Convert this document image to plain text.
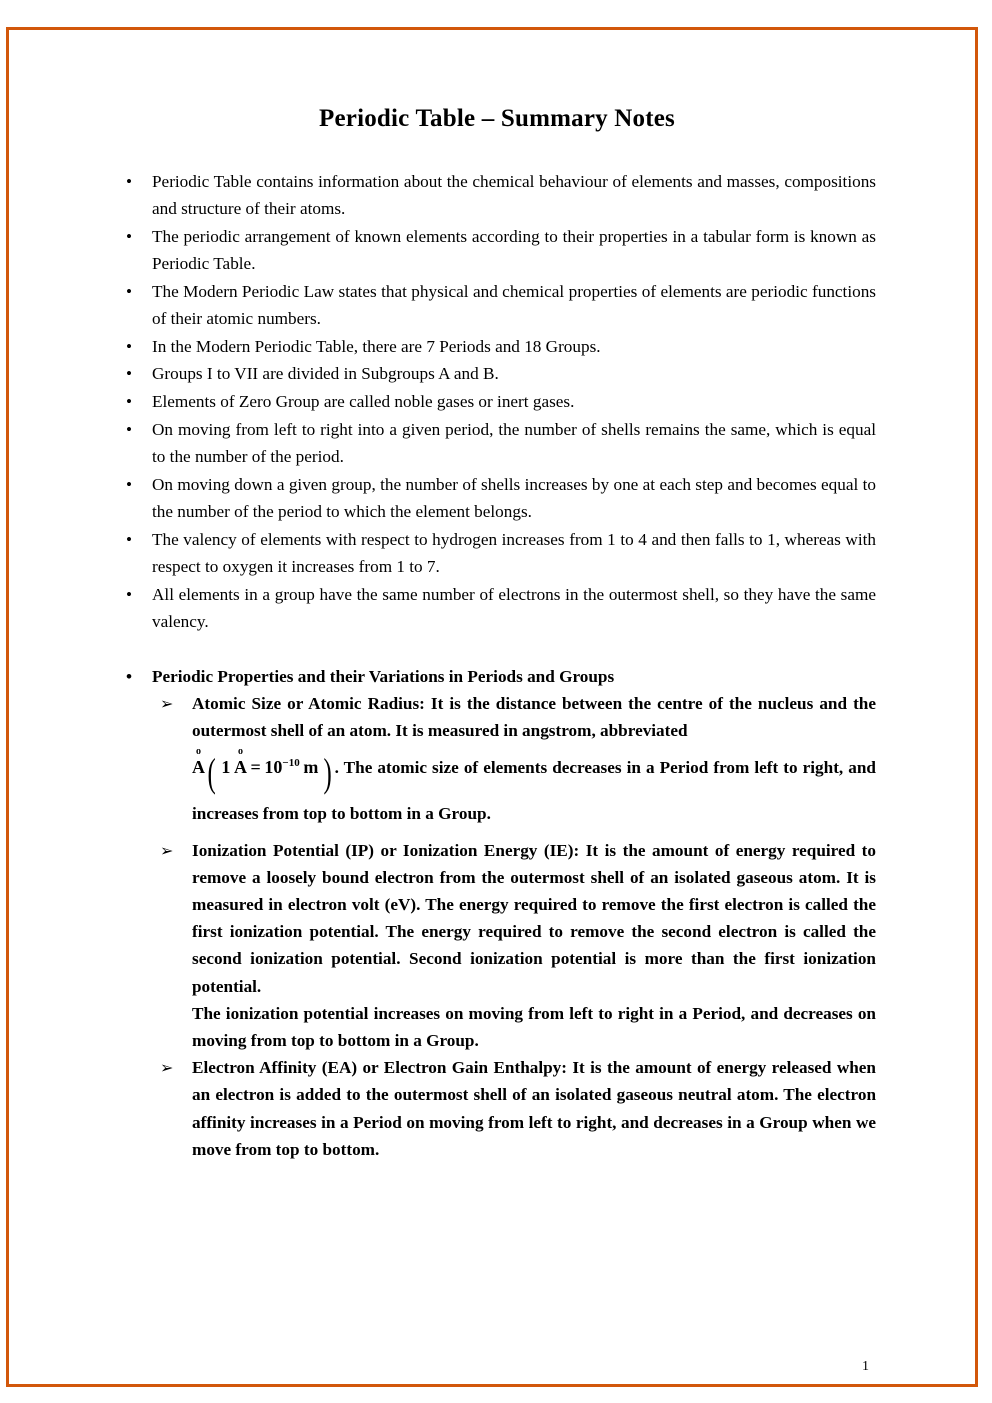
Periodic Table – Summary Notes
• Periodic Table contains information about the chemical behaviour of elements and masses, compositions and structure of their atoms.
• The periodic arrangement of known elements according to their properties in a tabular form is known as Periodic Table.
• The Modern Periodic Law states that physical and chemical properties of elements are periodic functions of their atomic numbers.
• In the Modern Periodic Table, there are 7 Periods and 18 Groups.
• Groups I to VII are divided in Subgroups A and B.
• Elements of Zero Group are called noble gases or inert gases.
• On moving from left to right into a given period, the number of shells remains the same, which is equal to the number of the period.
• On moving down a given group, the number of shells increases by one at each step and becomes equal to the number of the period to which the element belongs.
• The valency of elements with respect to hydrogen increases from 1 to 4 and then falls to 1, whereas with respect to oxygen it increases from 1 to 7.
• All elements in a group have the same number of electrons in the outermost shell, so they have the same valency.
• Periodic Properties and their Variations in Periods and Groups
➢ Atomic Size or Atomic Radius: It is the distance between the centre of the nucleus and the outermost shell of an atom. It is measured in angstrom, abbreviated
o
A( 1 
o
$A = 10^{-10}$  m ) . The atomic size of elements decreases in a Period from left to right, and increases from top to bottom in a Group.
➢ Ionization Potential (IP) or Ionization Energy (IE): It is the amount of energy required to remove a loosely bound electron from the outermost shell of an isolated gaseous atom. It is measured in electron volt (eV). The energy required to remove the first electron is called the first ionization potential. The energy required to remove the second electron is called the second ionization potential. Second ionization potential is more than the first ionization potential.
The ionization potential increases on moving from left to right in a Period, and decreases on moving from top to bottom in a Group.
➢ Electron Affinity (EA) or Electron Gain Enthalpy: It is the amount of energy released when an electron is added to the outermost shell of an isolated gaseous neutral atom. The electron affinity increases in a Period on moving from left to right, and decreases in a Group when we move from top to bottom.
1
